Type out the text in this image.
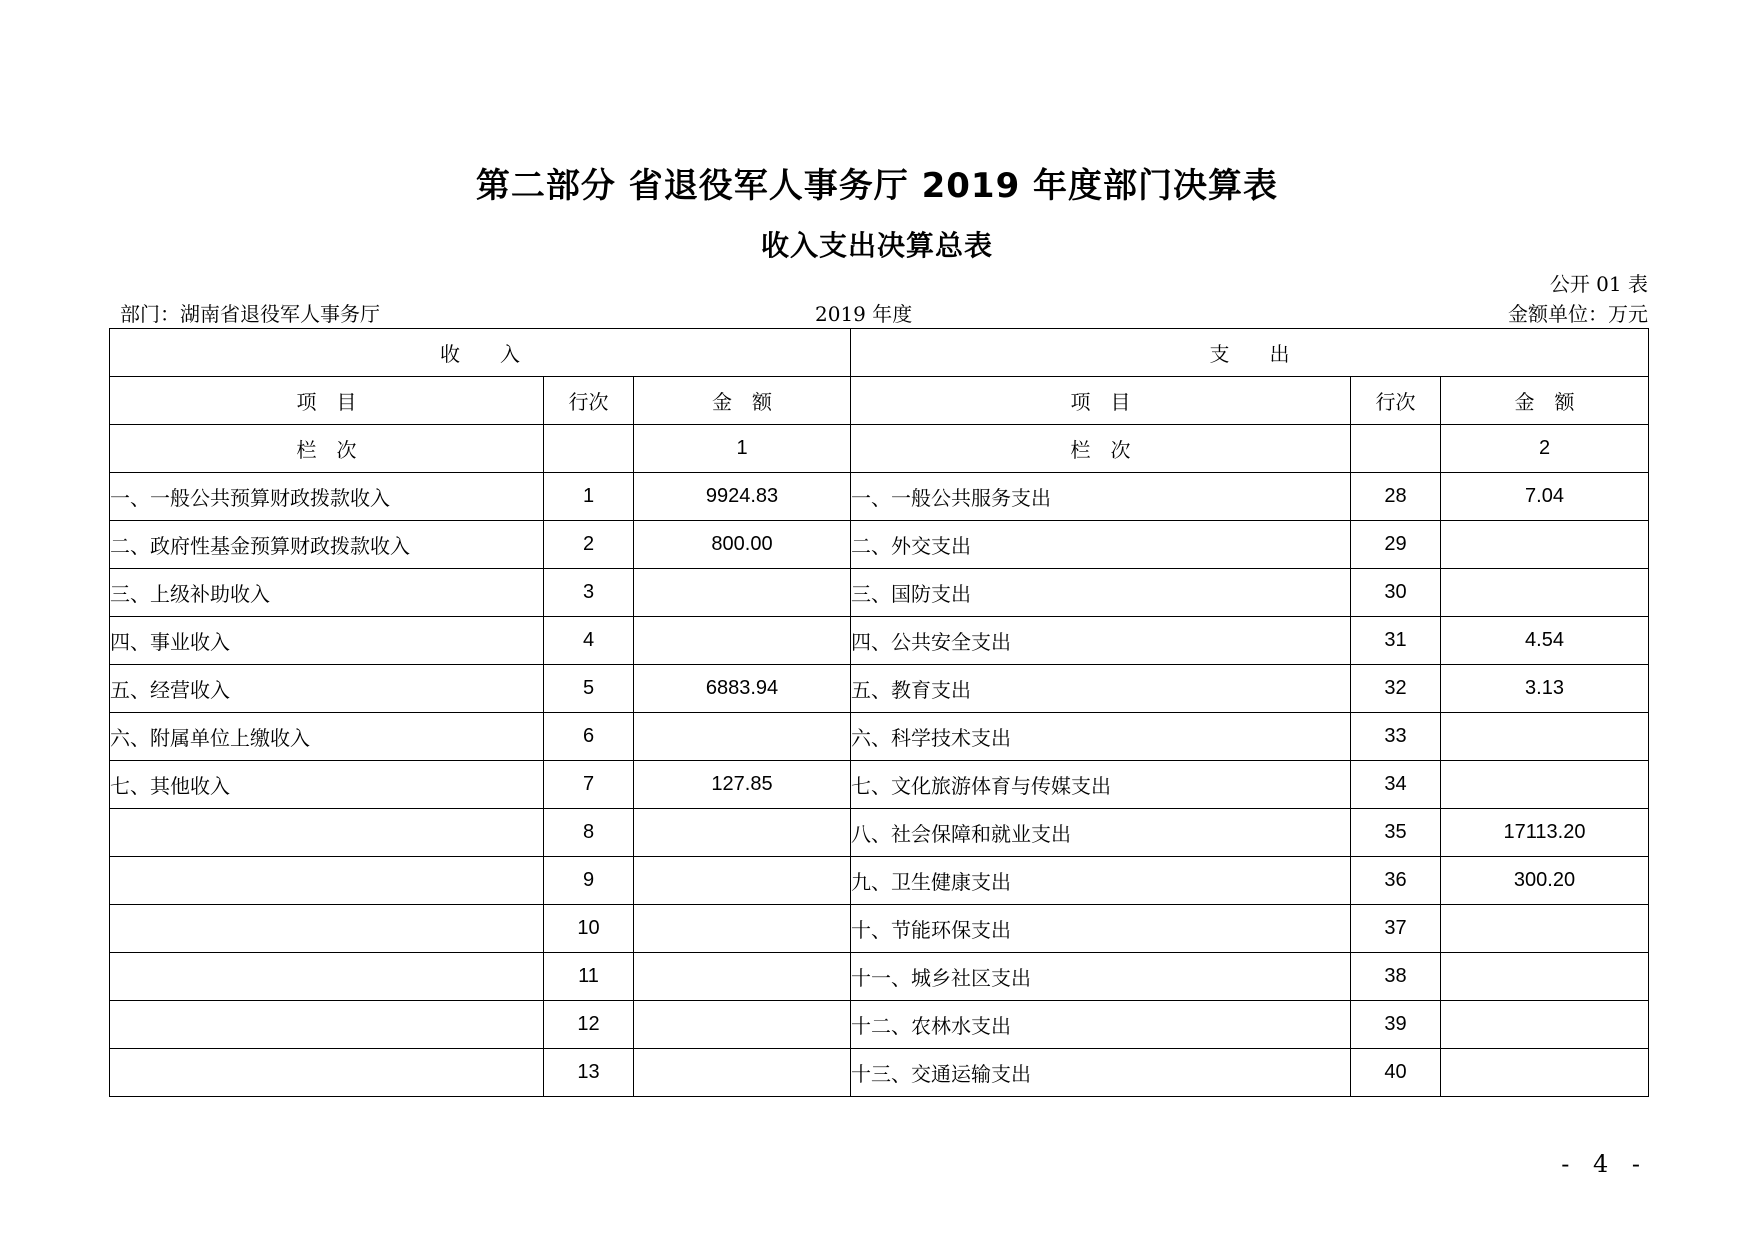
第二部分 省退役军人事务厅 2019 年度部门决算表
收入支出决算总表
公开 01 表
部门：湖南省退役军人事务厅	2019 年度	金额单位：万元
收　　入			支　　出		
项　目	行次	金　额	项　目	行次	金　额
栏　次		1	栏　次		2
一、一般公共预算财政拨款收入	1	9924.83	一、一般公共服务支出	28	7.04
二、政府性基金预算财政拨款收入	2	800.00	二、外交支出	29	
三、上级补助收入	3		三、国防支出	30	
四、事业收入	4		四、公共安全支出	31	4.54
五、经营收入	5	6883.94	五、教育支出	32	3.13
六、附属单位上缴收入	6		六、科学技术支出	33	
七、其他收入	7	127.85	七、文化旅游体育与传媒支出	34	
	8		八、社会保障和就业支出	35	17113.20
	9		九、卫生健康支出	36	300.20
	10		十、节能环保支出	37	
	11		十一、城乡社区支出	38	
	12		十二、农林水支出	39	
	13		十三、交通运输支出	40	
- 4 -
